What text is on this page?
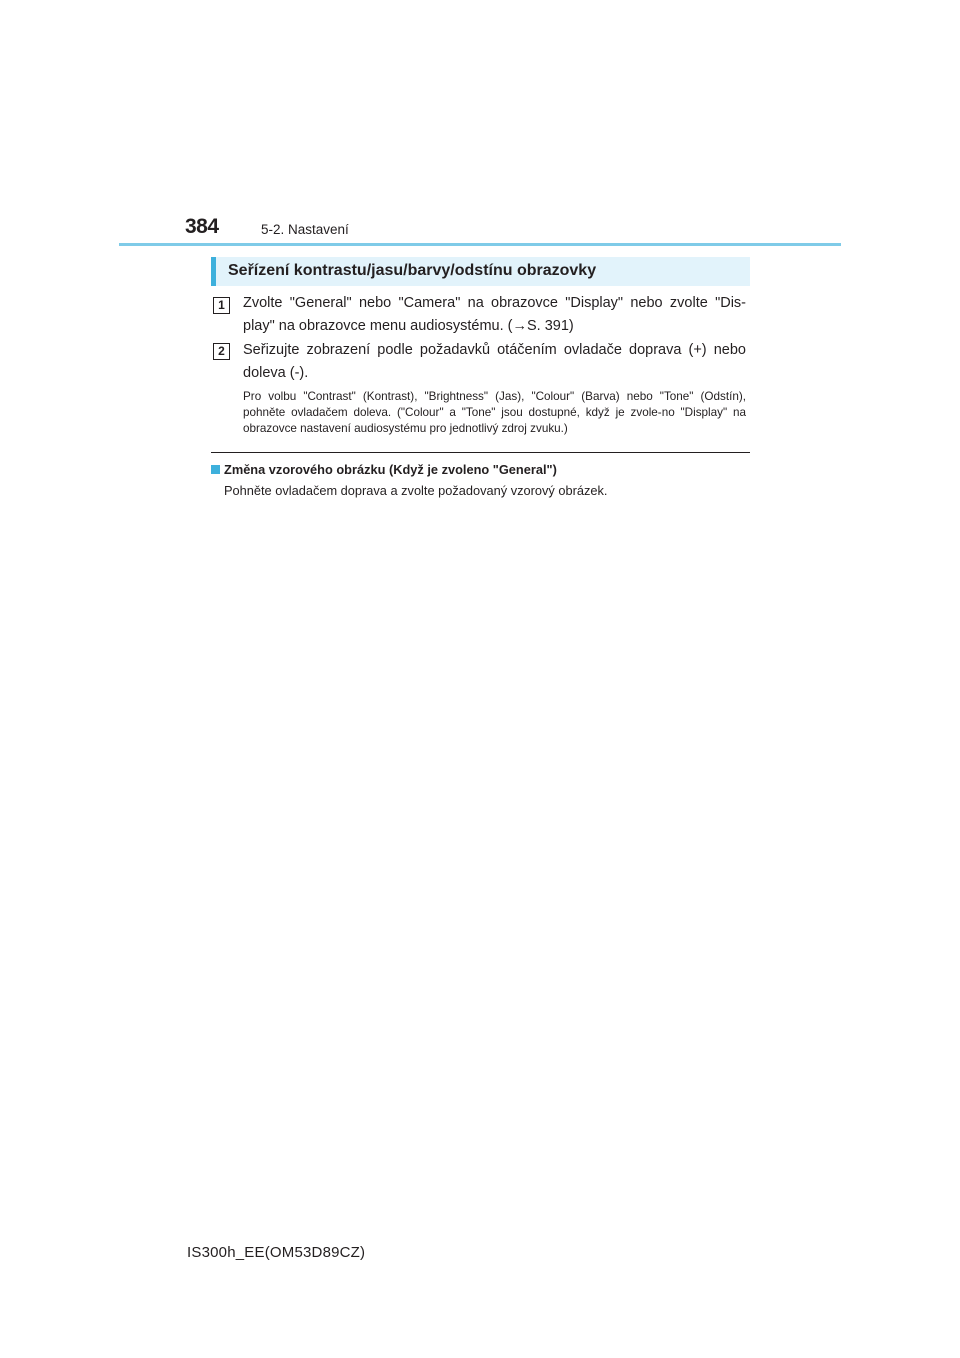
384	5-2. Nastavení
Seřízení kontrastu/jasu/barvy/odstínu obrazovky
1	Zvolte "General" nebo "Camera" na obrazovce "Display" nebo zvolte "Dis-play" na obrazovce menu audiosystému. (→S. 391)
2	Seřizujte zobrazení podle požadavků otáčením ovladače doprava (+) nebo doleva (-).
Pro volbu "Contrast" (Kontrast), "Brightness" (Jas), "Colour" (Barva) nebo "Tone" (Odstín), pohněte ovladačem doleva. ("Colour" a "Tone" jsou dostupné, když je zvole-no "Display" na obrazovce nastavení audiosystému pro jednotlivý zdroj zvuku.)
Změna vzorového obrázku (Když je zvoleno "General")
Pohněte ovladačem doprava a zvolte požadovaný vzorový obrázek.
IS300h_EE(OM53D89CZ)
